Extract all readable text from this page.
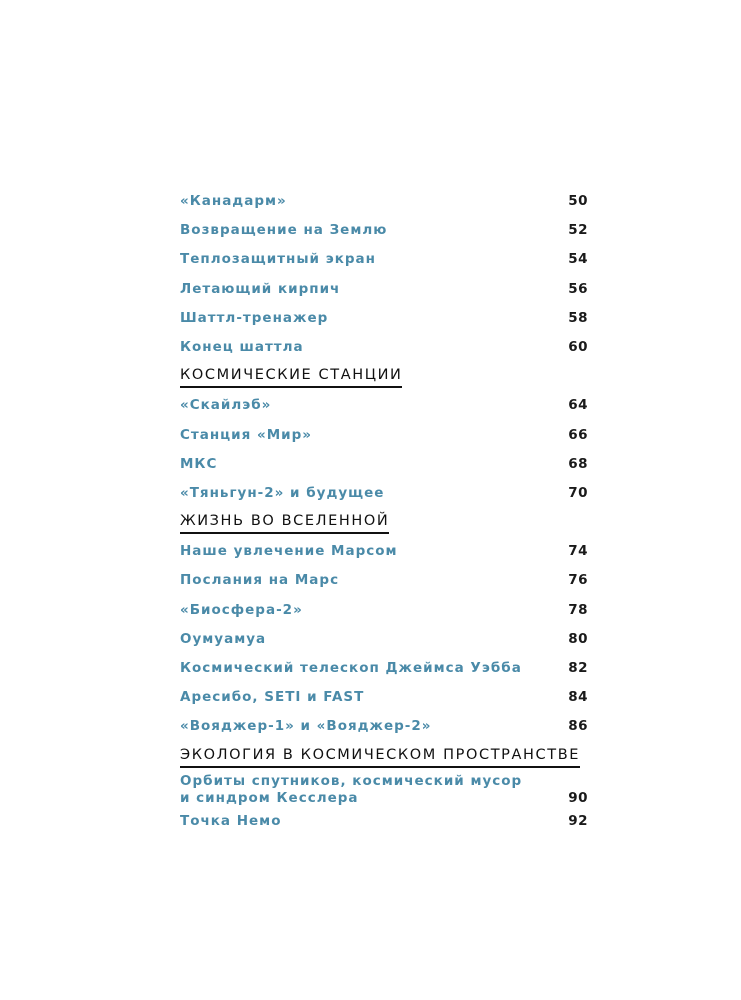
«Канадарм»	50
Возвращение на Землю	52
Теплозащитный экран	54
Летающий кирпич	56
Шаттл-тренажер	58
Конец шаттла	60
КОСМИЧЕСКИЕ СТАНЦИИ
«Скайлэб»	64
Станция «Мир»	66
МКС	68
«Тяньгун-2» и будущее	70
ЖИЗНЬ ВО ВСЕЛЕННОЙ
Наше увлечение Марсом	74
Послания на Марс	76
«Биосфера-2»	78
Оумуамуа	80
Космический телескоп Джеймса Уэбба	82
Аресибо, SETI и FAST	84
«Вояджер-1» и «Вояджер-2»	86
ЭКОЛОГИЯ В КОСМИЧЕСКОМ ПРОСТРАНСТВЕ
Орбиты спутников, космический мусор
и синдром Кесслера	90
Точка Немо	92
